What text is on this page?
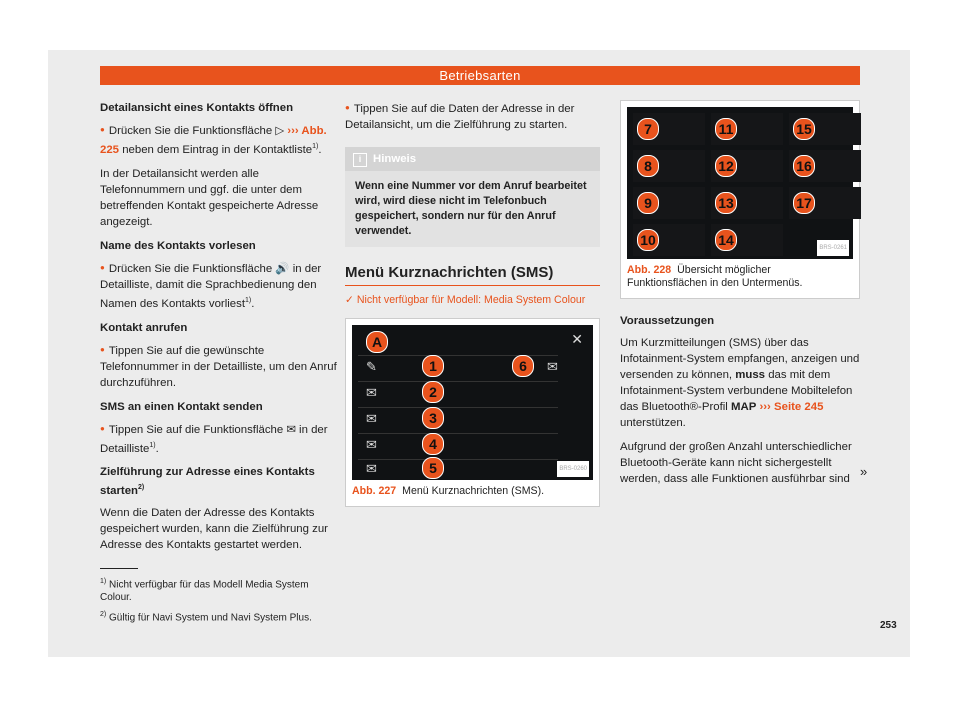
Betriebsarten
Detailansicht eines Kontakts öffnen

● Drücken Sie die Funktionsfläche ▷ ››› Abb. 225 neben dem Eintrag in der Kontaktliste$^{1)}$.

In der Detailansicht werden alle Telefonnummern und ggf. die unter dem betreffenden Kontakt gespeicherte Adresse angezeigt.

Name des Kontakts vorlesen

● Drücken Sie die Funktionsfläche 🔊 in der Detailliste, damit die Sprachbedienung den Namen des Kontakts vorliest$^{1)}$.

Kontakt anrufen

● Tippen Sie auf die gewünschte Telefonnummer in der Detailliste, um den Anruf durchzuführen.

SMS an einen Kontakt senden

● Tippen Sie auf die Funktionsfläche ✉ in der Detailliste$^{1)}$.

Zielführung zur Adresse eines Kontakts starten$^{2)}$

Wenn die Daten der Adresse des Kontakts gespeichert wurden, kann die Zielführung zur Adresse des Kontakts gestartet werden.

● Tippen Sie auf die Daten der Adresse in der Detailansicht, um die Zielführung zu starten.

i Hinweis
Wenn eine Nummer vor dem Anruf bearbeitet wird, wird diese nicht im Telefonbuch gespeichert, sondern nur für den Anruf verwendet.
Menü Kurznachrichten (SMS)
✓ Nicht verfügbar für Modell: Media System Colour
A	✕
✎	1	6	✉
✉	2
✉	3
✉	4
✉	5	BRS-0260
Abb. 227 Menü Kurznachrichten (SMS).
7
8
9
10
11
12
13
14
15
16
17
BRS-0261
Abb. 228 Übersicht möglicher Funktionsflächen in den Untermenüs.
Voraussetzungen

Um Kurzmitteilungen (SMS) über das Infotainment-System empfangen, anzeigen und versenden zu können, muss das mit dem Infotainment-System verbundene Mobiltelefon das Bluetooth®-Profil MAP ››› Seite 245 unterstützen.

Aufgrund der großen Anzahl unterschiedlicher Bluetooth-Geräte kann nicht sichergestellt werden, dass alle Funktionen ausführbar sind »

$^{1)}$ Nicht verfügbar für das Modell Media System Colour.

$^{2)}$ Gültig für Navi System und Navi System Plus.

253
